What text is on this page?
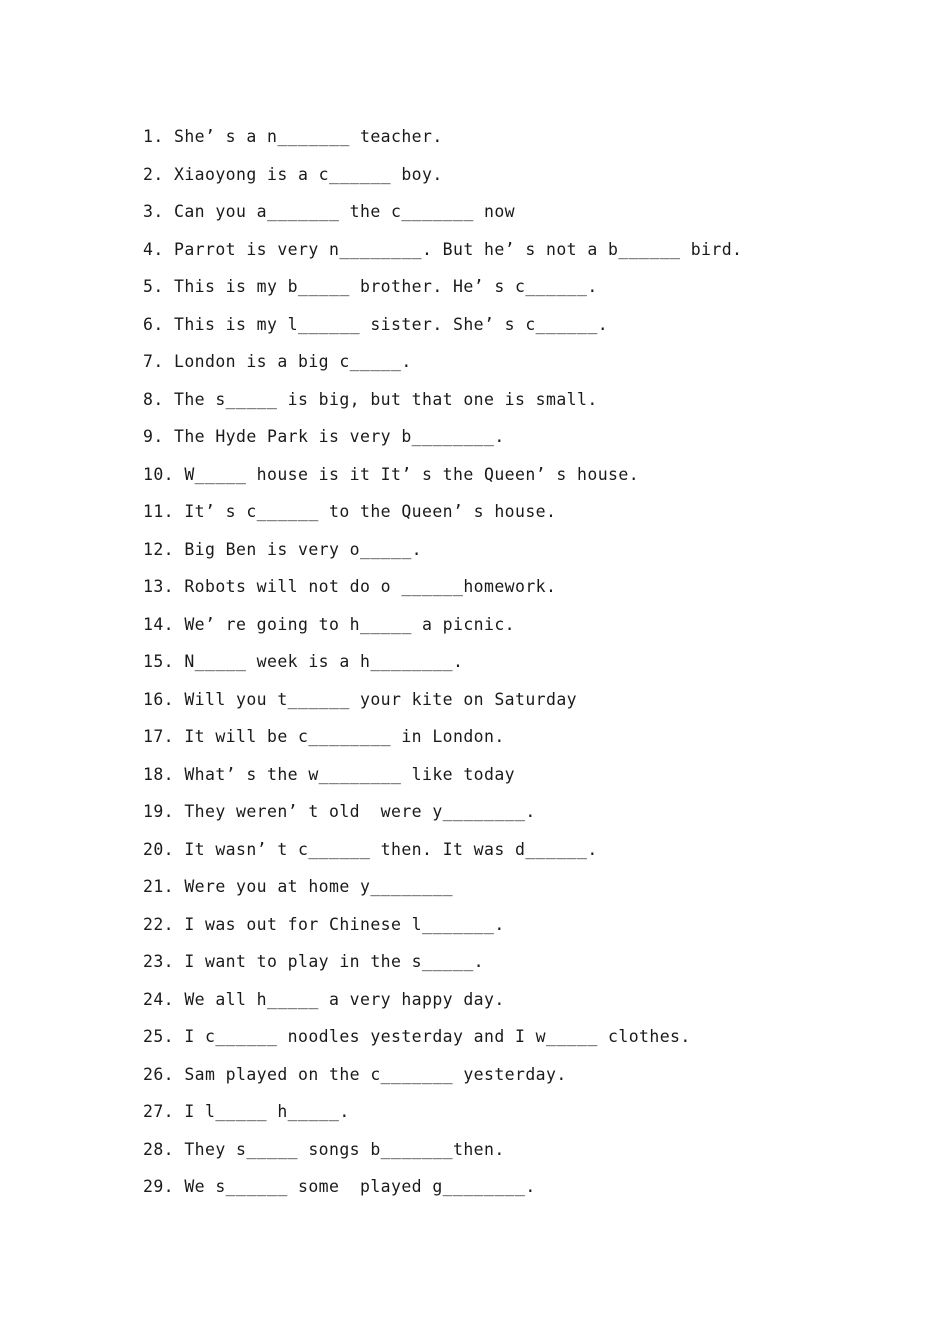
1. She’ s a n_______ teacher.
2. Xiaoyong is a c______ boy.
3. Can you a_______ the c_______ now
4. Parrot is very n________. But he’ s not a b______ bird.
5. This is my b_____ brother. He’ s c______.
6. This is my l______ sister. She’ s c______.
7. London is a big c_____.
8. The s_____ is big, but that one is small.
9. The Hyde Park is very b________.
10. W_____ house is it It’ s the Queen’ s house.
11. It’ s c______ to the Queen’ s house.
12. Big Ben is very o_____.
13. Robots will not do o ______homework.
14. We’ re going to h_____ a picnic.
15. N_____ week is a h________.
16. Will you t______ your kite on Saturday
17. It will be c________ in London.
18. What’ s the w________ like today
19. They weren’ t old  were y________.
20. It wasn’ t c______ then. It was d______.
21. Were you at home y________
22. I was out for Chinese l_______.
23. I want to play in the s_____.
24. We all h_____ a very happy day.
25. I c______ noodles yesterday and I w_____ clothes.
26. Sam played on the c_______ yesterday.
27. I l_____ h_____.
28. They s_____ songs b_______then.
29. We s______ some  played g________.
